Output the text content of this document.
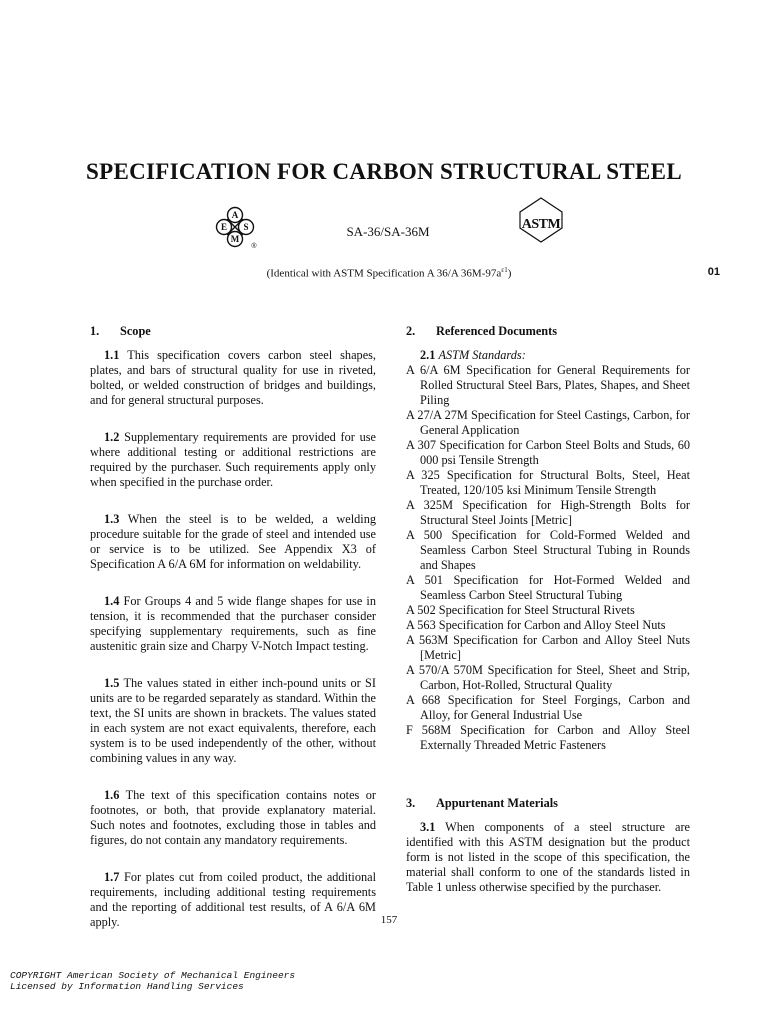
SPECIFICATION FOR CARBON STRUCTURAL STEEL
A
E S
M
®
SA-36/SA-36M	ASTM
(Identical with ASTM Specification A 36/A $36M-97a^{\varepsilon 1}$)	01
1. Scope

1.1 This specification covers carbon steel shapes, plates, and bars of structural quality for use in riveted, bolted, or welded construction of bridges and buildings, and for general structural purposes.

1.2 Supplementary requirements are provided for use where additional testing or additional restrictions are required by the purchaser. Such requirements apply only when specified in the purchase order.

1.3 When the steel is to be welded, a welding procedure suitable for the grade of steel and intended use or service is to be utilized. See Appendix X3 of Specification A 6/A 6M for information on weldability.

1.4 For Groups 4 and 5 wide flange shapes for use in tension, it is recommended that the purchaser consider specifying supplementary requirements, such as fine austenitic grain size and Charpy V-Notch Impact testing.

1.5 The values stated in either inch-pound units or SI units are to be regarded separately as standard. Within the text, the SI units are shown in brackets. The values stated in each system are not exact equivalents, therefore, each system is to be used independently of the other, without combining values in any way.

1.6 The text of this specification contains notes or footnotes, or both, that provide explanatory material. Such notes and footnotes, excluding those in tables and figures, do not contain any mandatory requirements.

1.7 For plates cut from coiled product, the additional requirements, including additional testing requirements and the reporting of additional test results, of A 6/A 6M apply.

2. Referenced Documents

2.1 ASTM Standards:

A 6/A 6M Specification for General Requirements for Rolled Structural Steel Bars, Plates, Shapes, and Sheet Piling

A 27/A 27M Specification for Steel Castings, Carbon, for General Application

A 307 Specification for Carbon Steel Bolts and Studs, 60 000 psi Tensile Strength

A 325 Specification for Structural Bolts, Steel, Heat Treated, 120/105 ksi Minimum Tensile Strength

A 325M Specification for High-Strength Bolts for Structural Steel Joints [Metric]

A 500 Specification for Cold-Formed Welded and Seamless Carbon Steel Structural Tubing in Rounds and Shapes

A 501 Specification for Hot-Formed Welded and Seamless Carbon Steel Structural Tubing

A 502 Specification for Steel Structural Rivets

A 563 Specification for Carbon and Alloy Steel Nuts

A 563M Specification for Carbon and Alloy Steel Nuts [Metric]

A 570/A 570M Specification for Steel, Sheet and Strip, Carbon, Hot-Rolled, Structural Quality

A 668 Specification for Steel Forgings, Carbon and Alloy, for General Industrial Use

F 568M Specification for Carbon and Alloy Steel Externally Threaded Metric Fasteners

3. Appurtenant Materials

3.1 When components of a steel structure are identified with this ASTM designation but the product form is not listed in the scope of this specification, the material shall conform to one of the standards listed in Table 1 unless otherwise specified by the purchaser.

157
COPYRIGHT American Society of Mechanical Engineers
Licensed by Information Handling Services
